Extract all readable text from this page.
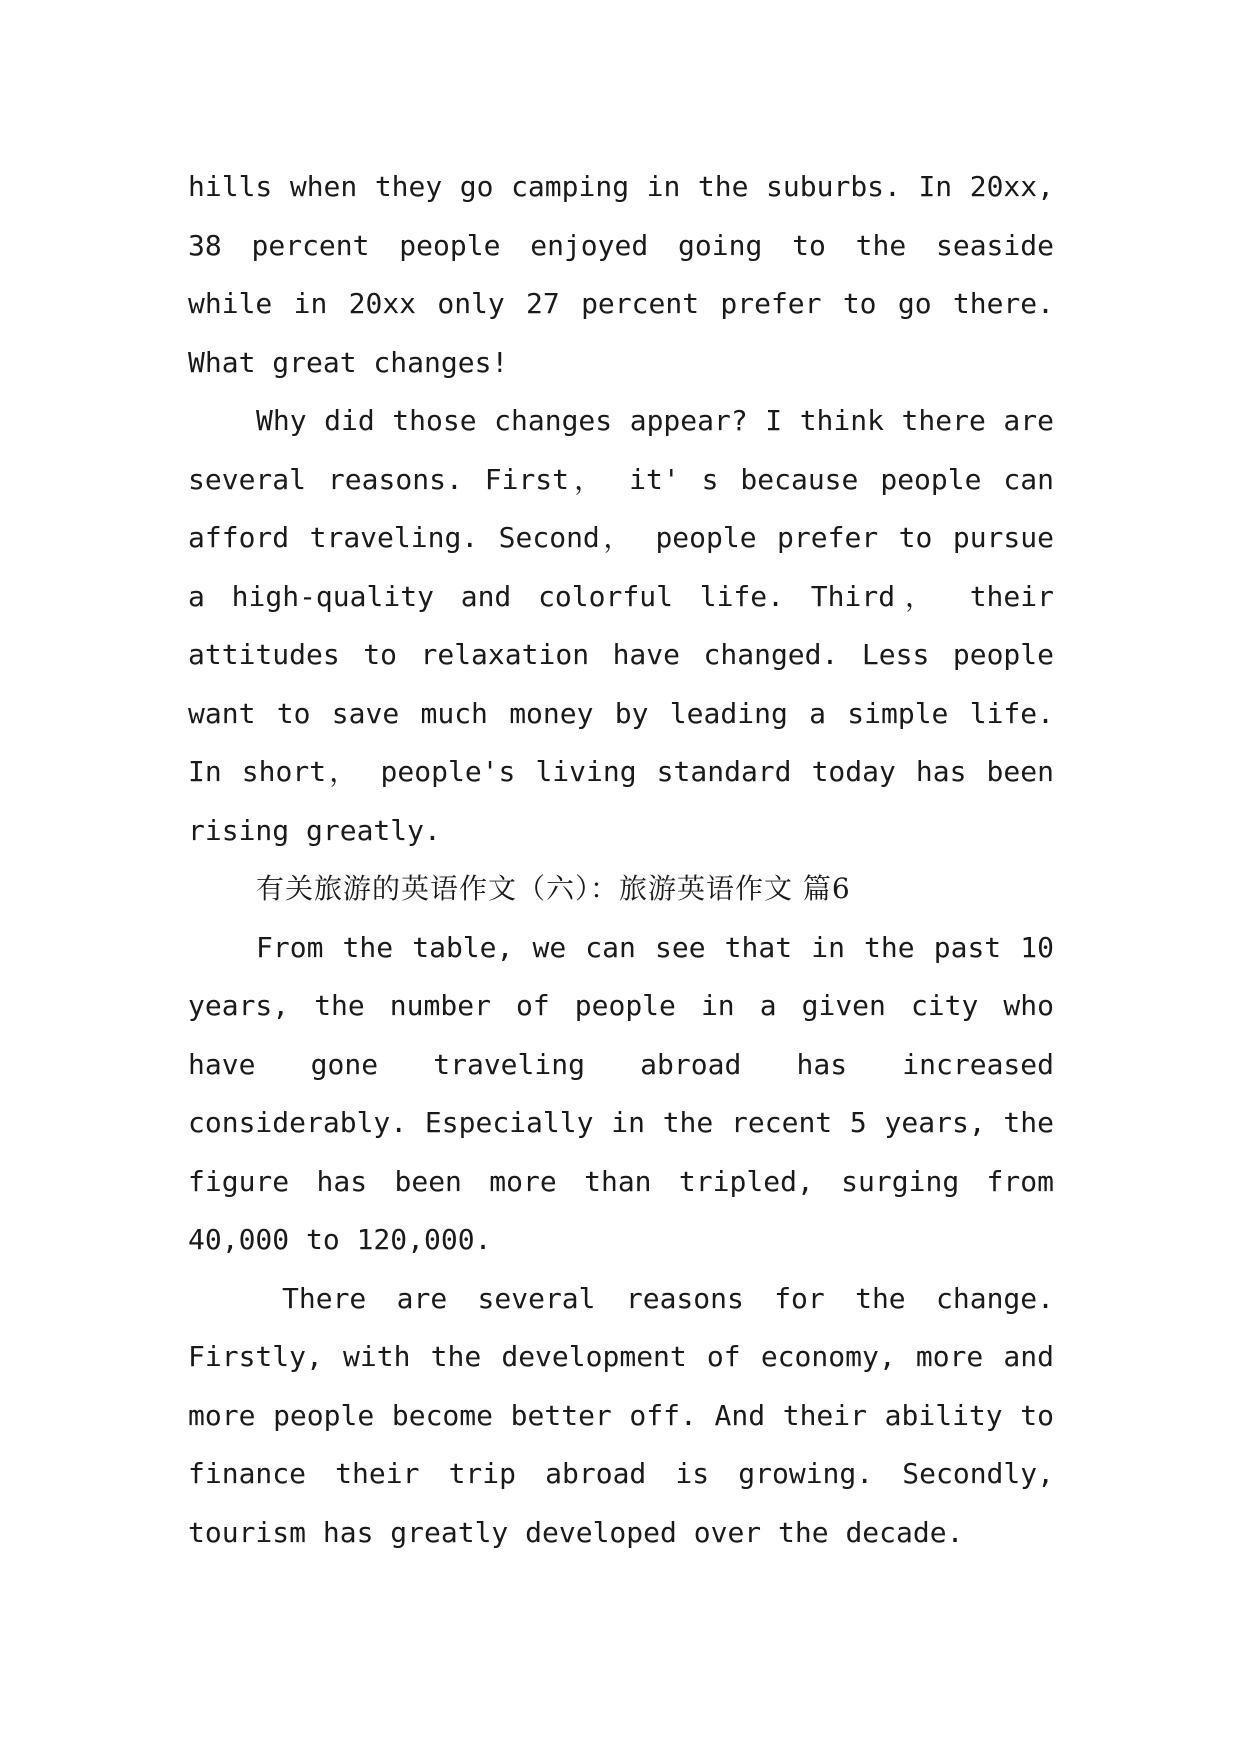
hills when they go camping in the suburbs. In 20xx, 38 percent people enjoyed going to the seaside while in 20xx only 27 percent prefer to go there. What great changes!

Why did those changes appear? I think there are several reasons. First， it' s because people can afford traveling. Second， people prefer to pursue a high-quality and colorful life. Third， their attitudes to relaxation have changed. Less people want to save much money by leading a simple life. In short， people's living standard today has been rising greatly.

有关旅游的英语作文（六）：旅游英语作文 篇6

From the table, we can see that in the past 10 years, the number of people in a given city who have gone traveling abroad has increased considerably. Especially in the recent 5 years, the figure has been more than tripled, surging from 40,000 to 120,000.

There are several reasons for the change. Firstly, with the development of economy, more and more people become better off. And their ability to finance their trip abroad is growing. Secondly, tourism has greatly developed over the decade.
